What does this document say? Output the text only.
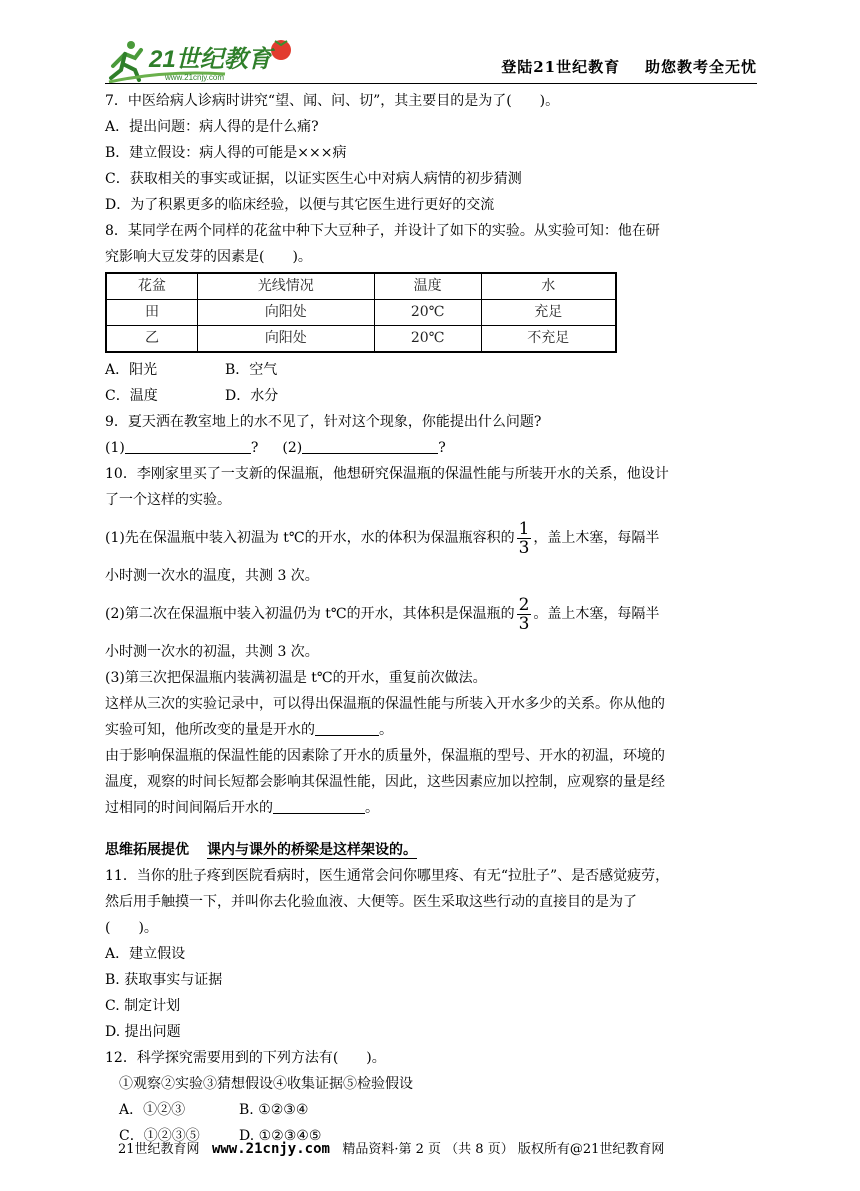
21世纪教育
www.21cnjy.com
登陆21世纪教育    助您教考全无忧
7．中医给病人诊病时讲究“望、闻、问、切”，其主要目的是为了(　　)。
A．提出问题：病人得的是什么痛?
B．建立假设：病人得的可能是×××病
C．获取相关的事实或证据，以证实医生心中对病人病情的初步猜测
D．为了积累更多的临床经验，以便与其它医生进行更好的交流
8．某同学在两个同样的花盆中种下大豆种子，并设计了如下的实验。从实验可知：他在研
究影响大豆发芽的因素是(　　)。
花盆	光线情况	温度	水
田	向阳处	20℃	充足
乙	向阳处	20℃	不充足
A．阳光	B．空气
C．温度	D．水分
9．夏天洒在教室地上的水不见了，针对这个现象，你能提出什么问题?
(1)	? (2)	?
10．李刚家里买了一支新的保温瓶，他想研究保温瓶的保温性能与所装开水的关系，他设计
了一个这样的实验。
(1)先在保温瓶中装入初温为 t℃的开水，水的体积为保温瓶容积的 $\frac{1}{3}$ ，盖上木塞，每隔半
小时测一次水的温度，共测 3 次。
(2)第二次在保温瓶中装入初温仍为 t℃的开水，其体积是保温瓶的 $\frac{2}{3}$ 。盖上木塞，每隔半
小时测一次水的初温，共测 3 次。
(3)第三次把保温瓶内装满初温是 t℃的开水，重复前次做法。
这样从三次的实验记录中，可以得出保温瓶的保温性能与所装入开水多少的关系。你从他的
实验可知，他所改变的量是开水的	。
由于影响保温瓶的保温性能的因素除了开水的质量外，保温瓶的型号、开水的初温，环境的
温度，观察的时间长短都会影响其保温性能，因此，这些因素应加以控制，应观察的量是经
过相同的时间间隔后开水的	。
思维拓展提优 课内与课外的桥梁是这样架设的。
11．当你的肚子疼到医院看病时，医生通常会问你哪里疼、有无“拉肚子”、是否感觉疲劳，
然后用手触摸一下，并叫你去化验血液、大便等。医生采取这些行动的直接目的是为了
(　　)。
A．建立假设
B. 获取事实与证据
C. 制定计划
D. 提出问题
12．科学探究需要用到的下列方法有(　　)。
①观察②实验③猜想假设④收集证据⑤检验假设
A．①②③	B. ①②③④
C．①②③⑤	D. ①②③④⑤
21世纪教育网 www.21cnjy.com 精品资料·第 2 页 （共 8 页） 版权所有@21世纪教育网
